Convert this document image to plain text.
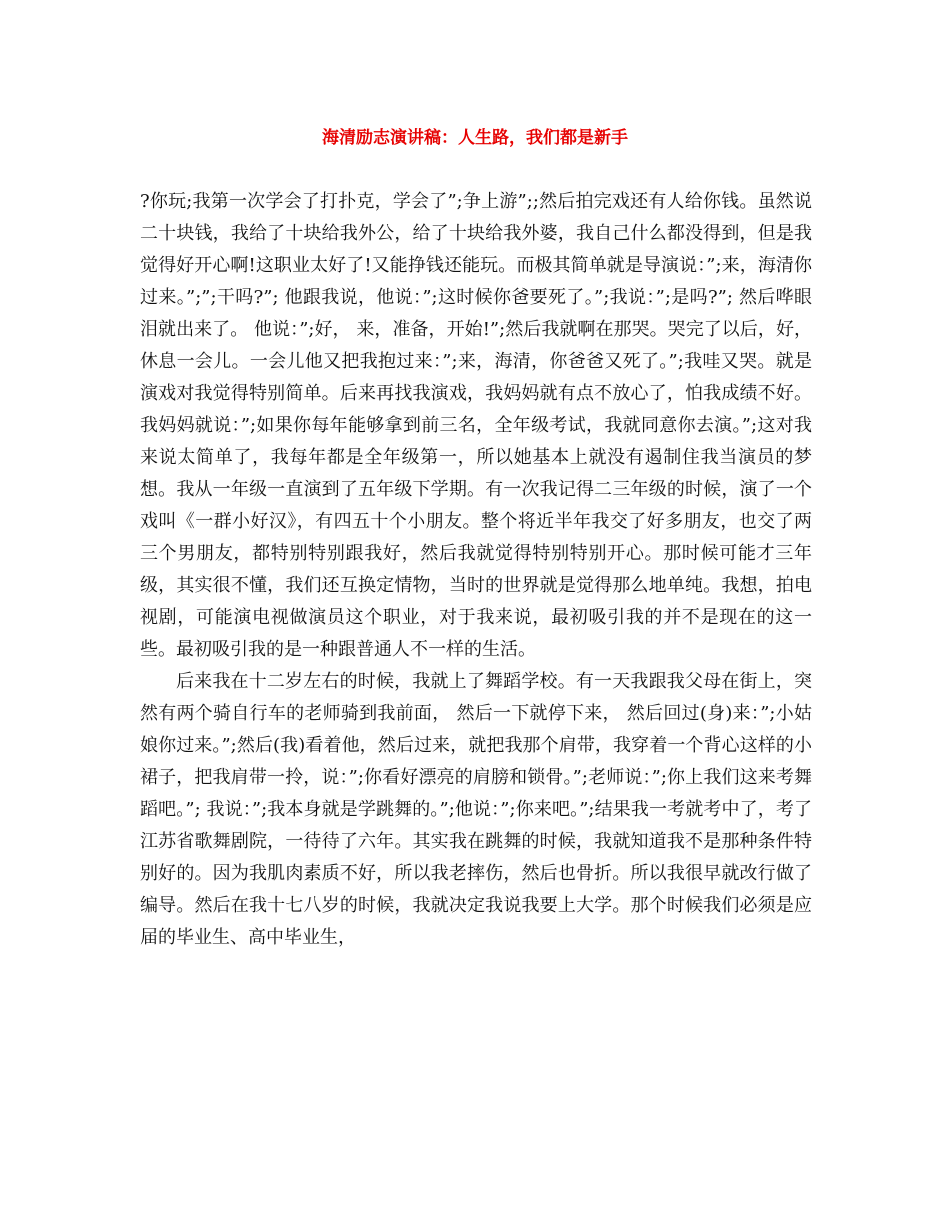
海清励志演讲稿：人生路，我们都是新手

?你玩;我第一次学会了打扑克，学会了”;争上游”;;然后拍完戏还有人给你钱。虽然说二十块钱，我给了十块给我外公，给了十块给我外婆，我自己什么都没得到，但是我觉得好开心啊!这职业太好了!又能挣钱还能玩。而极其简单就是导演说：”;来，海清你过来。”;”;干吗?”; 他跟我说，他说：”;这时候你爸要死了。”;我说：”;是吗?”; 然后哗眼泪就出来了。 他说：”;好， 来，准备，开始!”;然后我就啊在那哭。哭完了以后，好，休息一会儿。一会儿他又把我抱过来：”;来，海清，你爸爸又死了。”;我哇又哭。就是演戏对我觉得特别简单。后来再找我演戏，我妈妈就有点不放心了，怕我成绩不好。 我妈妈就说：”;如果你每年能够拿到前三名，全年级考试，我就同意你去演。”;这对我来说太简单了，我每年都是全年级第一，所以她基本上就没有遏制住我当演员的梦想。我从一年级一直演到了五年级下学期。有一次我记得二三年级的时候，演了一个戏叫《一群小好汉》，有四五十个小朋友。整个将近半年我交了好多朋友，也交了两三个男朋友，都特别特别跟我好，然后我就觉得特别特别开心。那时候可能才三年级，其实很不懂，我们还互换定情物，当时的世界就是觉得那么地单纯。我想，拍电视剧，可能演电视做演员这个职业，对于我来说，最初吸引我的并不是现在的这一些。最初吸引我的是一种跟普通人不一样的生活。

后来我在十二岁左右的时候，我就上了舞蹈学校。有一天我跟我父母在街上，突然有两个骑自行车的老师骑到我前面， 然后一下就停下来， 然后回过(身)来：”;小姑娘你过来。”;然后(我)看着他，然后过来，就把我那个肩带，我穿着一个背心这样的小裙子，把我肩带一拎，说：”;你看好漂亮的肩膀和锁骨。”;老师说：”;你上我们这来考舞蹈吧。”; 我说：”;我本身就是学跳舞的。”;他说：”;你来吧。”;结果我一考就考中了，考了江苏省歌舞剧院，一待待了六年。其实我在跳舞的时候，我就知道我不是那种条件特别好的。因为我肌肉素质不好，所以我老摔伤，然后也骨折。所以我很早就改行做了编导。然后在我十七八岁的时候，我就决定我说我要上大学。那个时候我们必须是应届的毕业生、高中毕业生，
